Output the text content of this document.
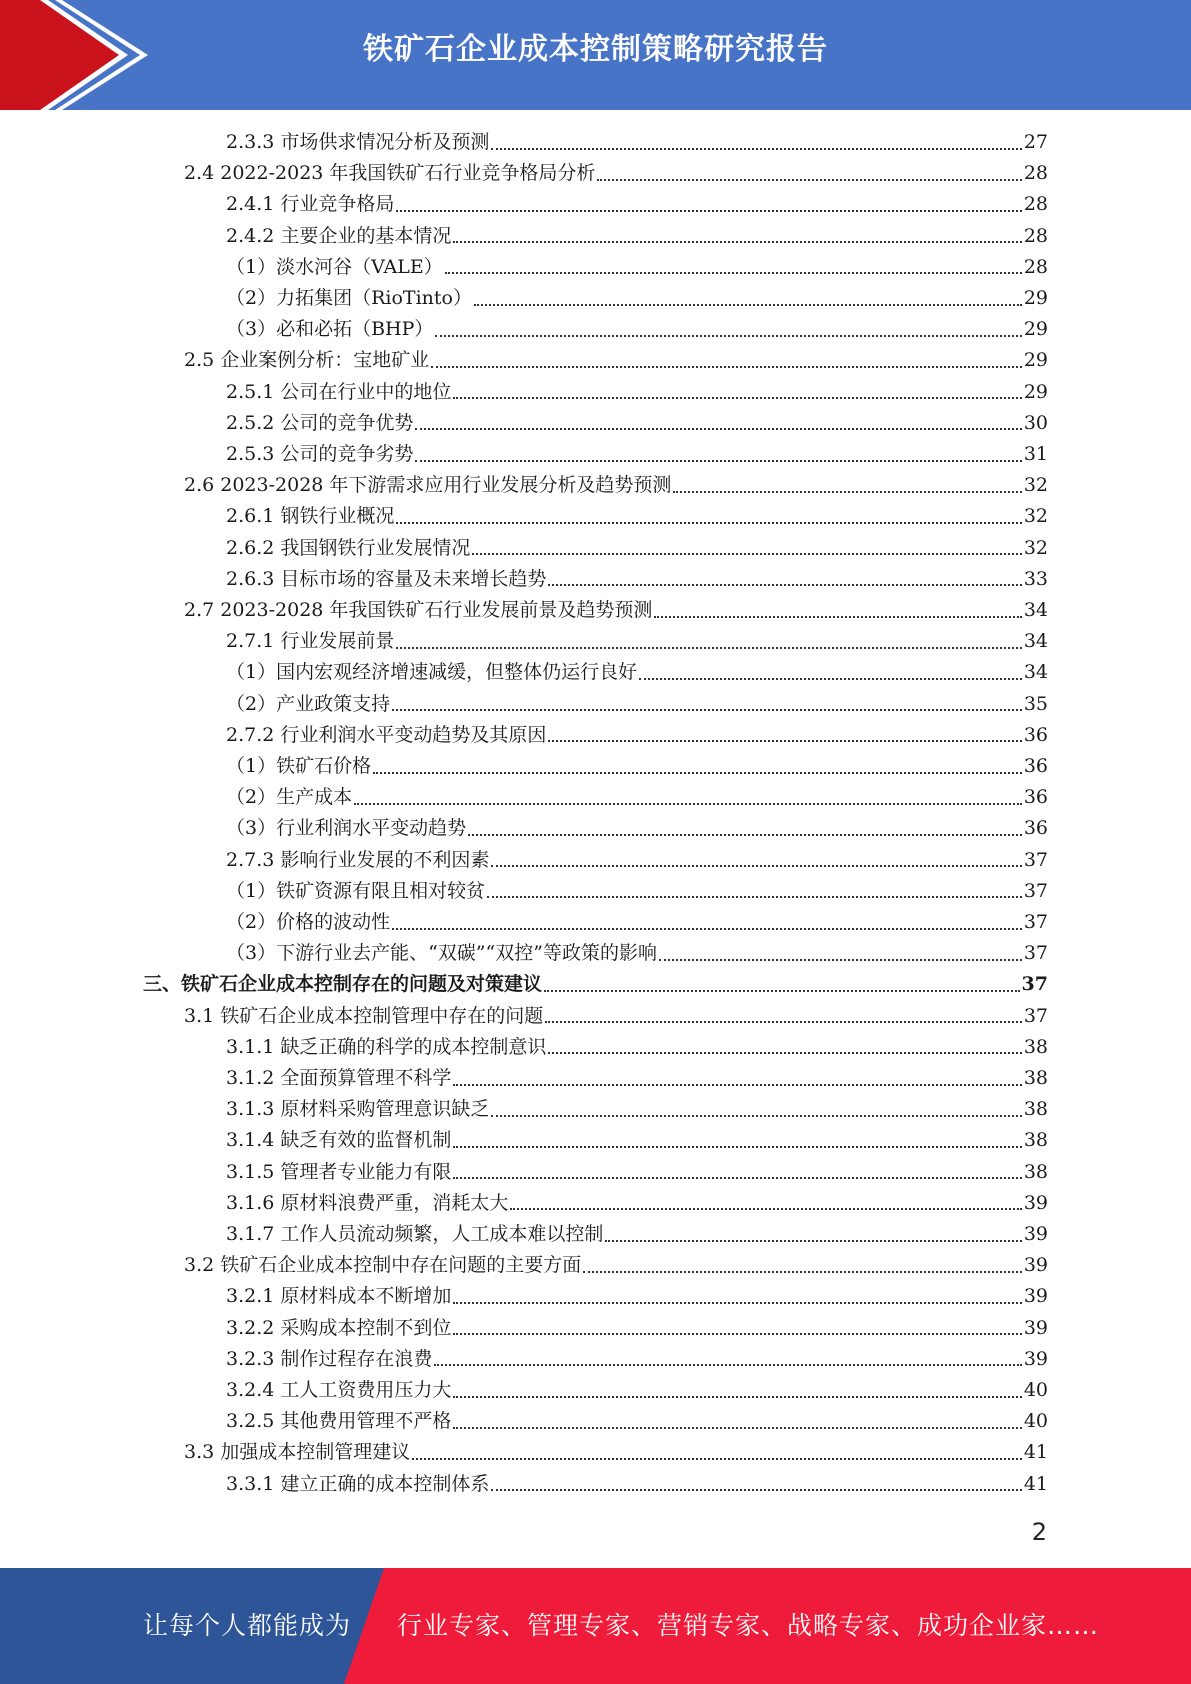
铁矿石企业成本控制策略研究报告
2.3.3 市场供求情况分析及预测	27
2.4 2022-2023 年我国铁矿石行业竞争格局分析	28
2.4.1 行业竞争格局	28
2.4.2 主要企业的基本情况	28
（1）淡水河谷（VALE）	28
（2）力拓集团（RioTinto）	29
（3）必和必拓（BHP）	29
2.5 企业案例分析：宝地矿业	29
2.5.1 公司在行业中的地位	29
2.5.2 公司的竞争优势	30
2.5.3 公司的竞争劣势	31
2.6 2023-2028 年下游需求应用行业发展分析及趋势预测	32
2.6.1 钢铁行业概况	32
2.6.2 我国钢铁行业发展情况	32
2.6.3 目标市场的容量及未来增长趋势	33
2.7 2023-2028 年我国铁矿石行业发展前景及趋势预测	34
2.7.1 行业发展前景	34
（1）国内宏观经济增速减缓，但整体仍运行良好	34
（2）产业政策支持	35
2.7.2 行业利润水平变动趋势及其原因	36
（1）铁矿石价格	36
（2）生产成本	36
（3）行业利润水平变动趋势	36
2.7.3 影响行业发展的不利因素	37
（1）铁矿资源有限且相对较贫	37
（2）价格的波动性	37
（3）下游行业去产能、“双碳”“双控”等政策的影响	37
三、铁矿石企业成本控制存在的问题及对策建议	37
3.1 铁矿石企业成本控制管理中存在的问题	37
3.1.1 缺乏正确的科学的成本控制意识	38
3.1.2 全面预算管理不科学	38
3.1.3 原材料采购管理意识缺乏	38
3.1.4 缺乏有效的监督机制	38
3.1.5 管理者专业能力有限	38
3.1.6 原材料浪费严重，消耗太大	39
3.1.7 工作人员流动频繁，人工成本难以控制	39
3.2 铁矿石企业成本控制中存在问题的主要方面	39
3.2.1 原材料成本不断增加	39
3.2.2 采购成本控制不到位	39
3.2.3 制作过程存在浪费	39
3.2.4 工人工资费用压力大	40
3.2.5 其他费用管理不严格	40
3.3 加强成本控制管理建议	41
3.3.1 建立正确的成本控制体系	41
2
让每个人都能成为 行业专家、管理专家、营销专家、战略专家、成功企业家……
